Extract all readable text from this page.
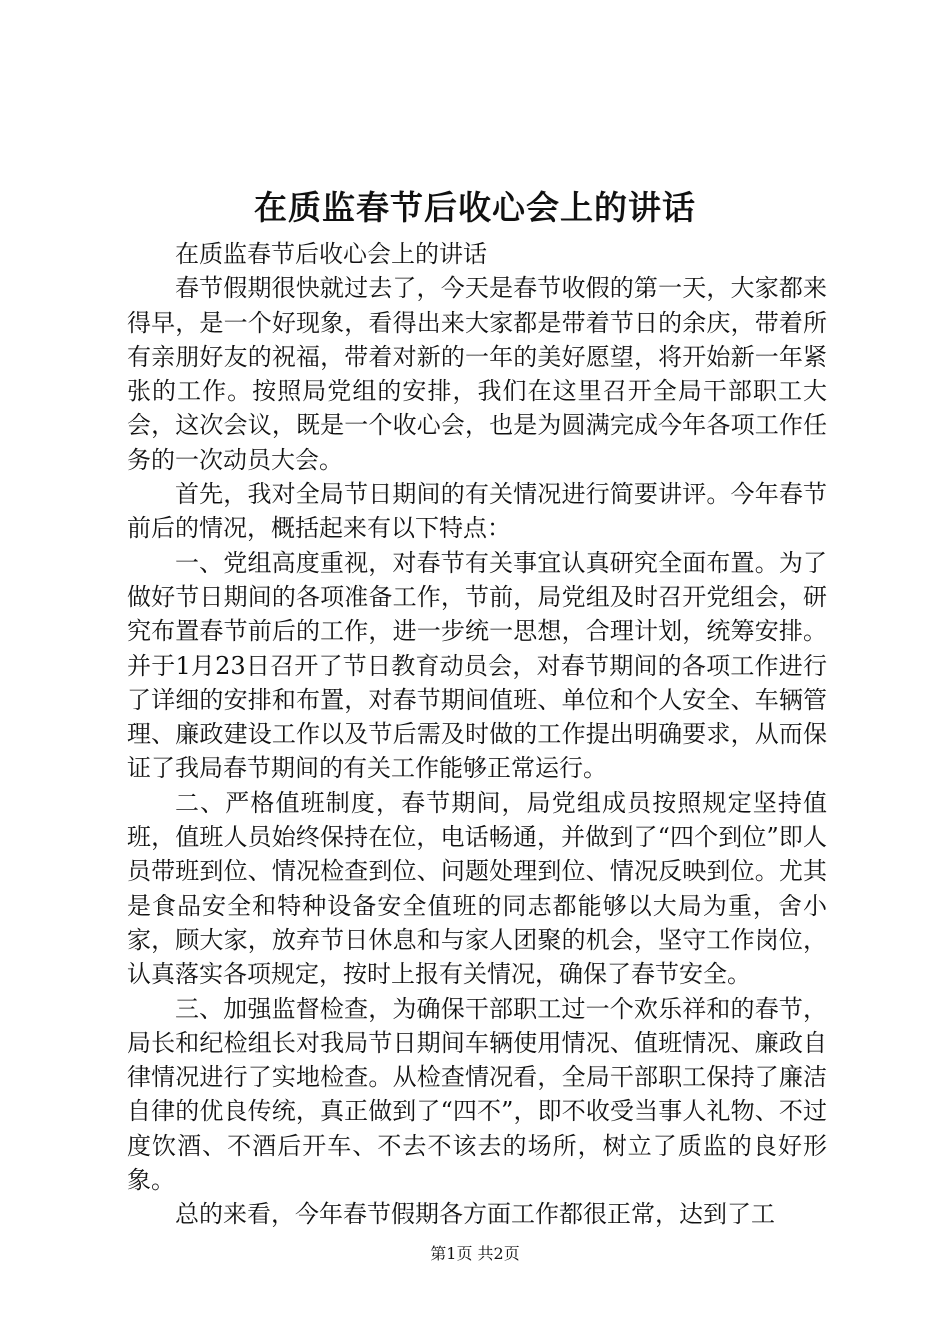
在质监春节后收心会上的讲话

在质监春节后收心会上的讲话

春节假期很快就过去了，今天是春节收假的第一天，大家都来得早，是一个好现象，看得出来大家都是带着节日的余庆，带着所有亲朋好友的祝福，带着对新的一年的美好愿望，将开始新一年紧张的工作。按照局党组的安排，我们在这里召开全局干部职工大会，这次会议，既是一个收心会，也是为圆满完成今年各项工作任务的一次动员大会。

首先，我对全局节日期间的有关情况进行简要讲评。今年春节前后的情况，概括起来有以下特点：

一、党组高度重视，对春节有关事宜认真研究全面布置。为了做好节日期间的各项准备工作，节前，局党组及时召开党组会，研究布置春节前后的工作，进一步统一思想，合理计划，统筹安排。并于1月23日召开了节日教育动员会，对春节期间的各项工作进行了详细的安排和布置，对春节期间值班、单位和个人安全、车辆管理、廉政建设工作以及节后需及时做的工作提出明确要求，从而保证了我局春节期间的有关工作能够正常运行。

二、严格值班制度，春节期间，局党组成员按照规定坚持值班，值班人员始终保持在位，电话畅通，并做到了“四个到位”即人员带班到位、情况检查到位、问题处理到位、情况反映到位。尤其是食品安全和特种设备安全值班的同志都能够以大局为重，舍小家，顾大家，放弃节日休息和与家人团聚的机会，坚守工作岗位，认真落实各项规定，按时上报有关情况，确保了春节安全。

三、加强监督检查，为确保干部职工过一个欢乐祥和的春节，局长和纪检组长对我局节日期间车辆使用情况、值班情况、廉政自律情况进行了实地检查。从检查情况看，全局干部职工保持了廉洁自律的优良传统，真正做到了“四不”，即不收受当事人礼物、不过度饮酒、不酒后开车、不去不该去的场所，树立了质监的良好形象。

总的来看，今年春节假期各方面工作都很正常，达到了工

第1页 共2页
